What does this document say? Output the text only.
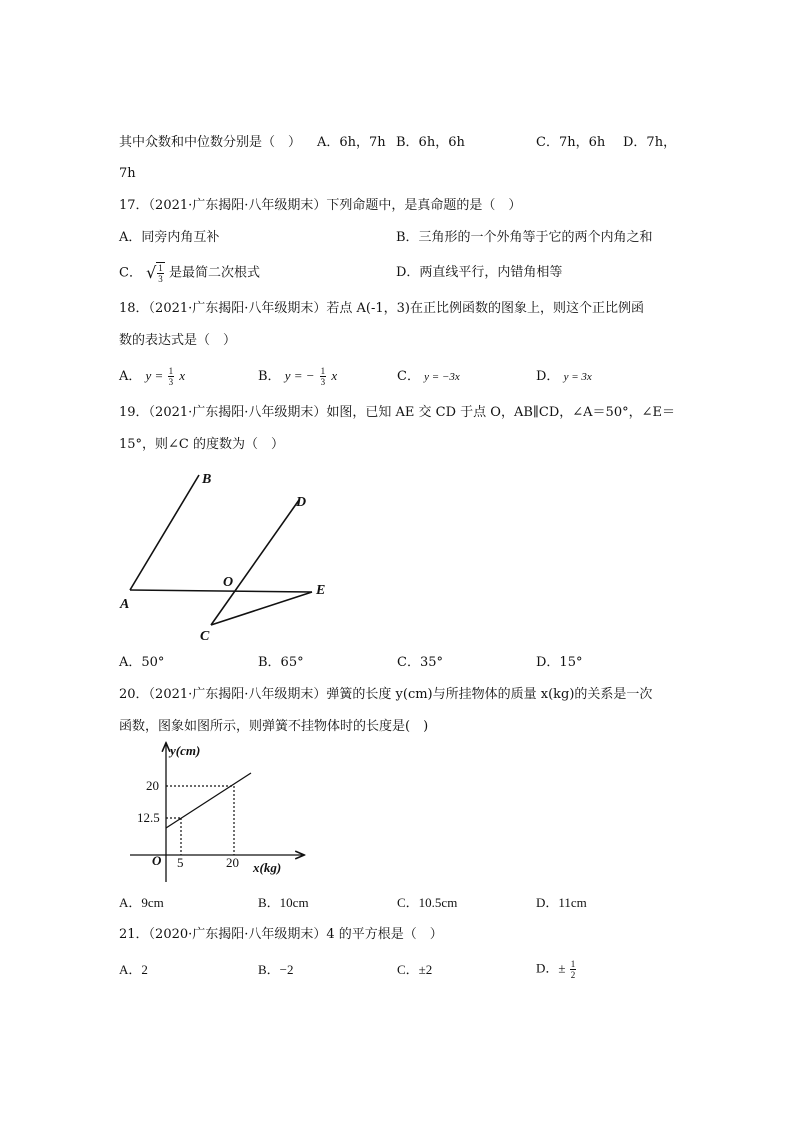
其中众数和中位数分别是（　） A．6h，7h B．6h，6h	C．7h，6h D．7h，
7h
17．（2021·广东揭阳·八年级期末）下列命题中，是真命题的是（　）
A．同旁内角互补	B．三角形的一个外角等于它的两个内角之和
C． √ $\frac{1}{3}$ 是最简二次根式	D．两直线平行，内错角相等
18．（2021·广东揭阳·八年级期末）若点 A(-1，3)在正比例函数的图象上，则这个正比例函
数的表达式是（　）
A． $y = \frac{1}{3}$ x	B． y = − $\frac{1}{3}$ x	C． y = −3x	D． y = 3x
19．（2021·广东揭阳·八年级期末）如图，已知 AE 交 CD 于点 O，AB∥CD，∠A＝50°，∠E＝
15°，则∠C 的度数为（　）
B
D
O
A
E
C
A．50°	B．65°	C．35°	D．15°
20．（2021·广东揭阳·八年级期末）弹簧的长度 y(cm)与所挂物体的质量 x(kg)的关系是一次
函数，图象如图所示，则弹簧不挂物体时的长度是(　)
y(cm)
x(kg)
O
20
12.5
5	20
A．9cm	B．10cm	C．10.5cm	D．11cm
21．（2020·广东揭阳·八年级期末）4 的平方根是（　）
A．2	B．−2	C．±2	D．± $\frac{1}{2}$
